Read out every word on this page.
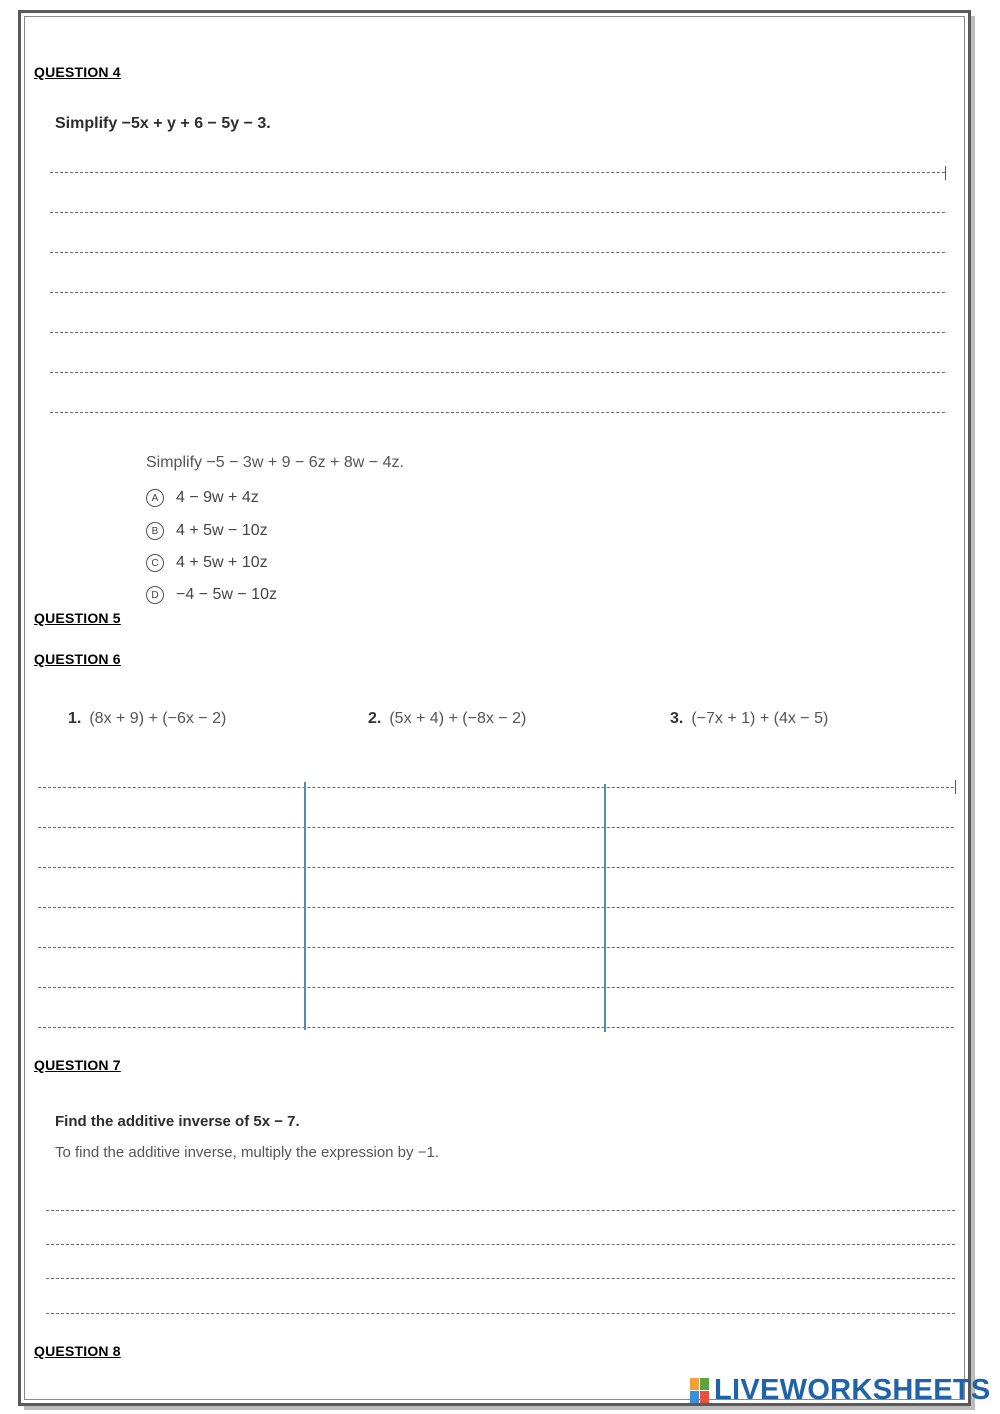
QUESTION 4
Simplify −5x + y + 6 − 5y − 3.
Simplify −5 − 3w + 9 − 6z + 8w − 4z.
A	4 − 9w + 4z
B	4 + 5w − 10z
C	4 + 5w + 10z
D	−4 − 5w − 10z
QUESTION 5
QUESTION 6
1. (8x + 9) + (−6x − 2)	2. (5x + 4) + (−8x − 2)	3. (−7x + 1) + (4x − 5)
QUESTION 7
Find the additive inverse of 5x − 7.
To find the additive inverse, multiply the expression by −1.
QUESTION 8
LIVEWORKSHEETS
